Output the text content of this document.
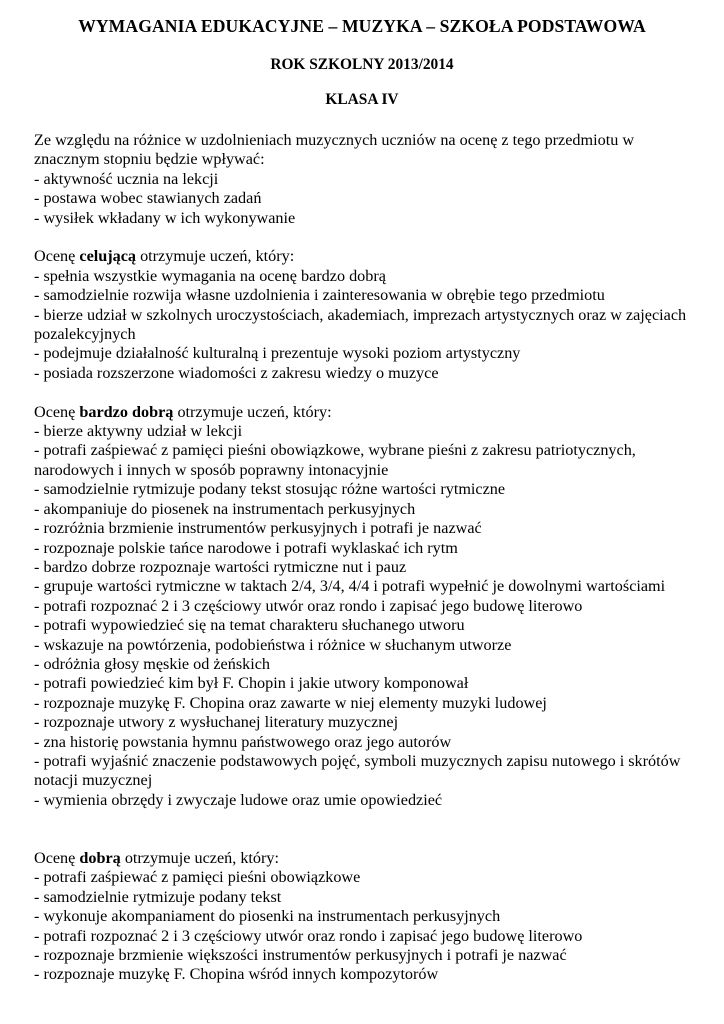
WYMAGANIA EDUKACYJNE – MUZYKA – SZKOŁA PODSTAWOWA

ROK SZKOLNY 2013/2014

KLASA IV

Ze względu na różnice w uzdolnieniach muzycznych uczniów na ocenę z tego przedmiotu w znacznym stopniu będzie wpływać:

- aktywność ucznia na lekcji
- postawa wobec stawianych zadań
- wysiłek wkładany w ich wykonywanie

Ocenę celującą otrzymuje uczeń, który:

- spełnia wszystkie wymagania na ocenę bardzo dobrą
- samodzielnie rozwija własne uzdolnienia i zainteresowania w obrębie tego przedmiotu
- bierze udział w szkolnych uroczystościach, akademiach, imprezach artystycznych oraz w zajęciach pozalekcyjnych
- podejmuje działalność kulturalną i prezentuje wysoki poziom artystyczny
- posiada rozszerzone wiadomości z zakresu wiedzy o muzyce

Ocenę bardzo dobrą otrzymuje uczeń, który:

- bierze aktywny udział w lekcji
- potrafi zaśpiewać z pamięci pieśni obowiązkowe, wybrane pieśni z zakresu patriotycznych, narodowych i innych w sposób poprawny intonacyjnie
- samodzielnie rytmizuje podany tekst stosując różne wartości rytmiczne
- akompaniuje do piosenek na instrumentach perkusyjnych
- rozróżnia brzmienie instrumentów perkusyjnych i potrafi je nazwać
- rozpoznaje polskie tańce narodowe i potrafi wyklaskać ich rytm
- bardzo dobrze rozpoznaje wartości rytmiczne nut i pauz
- grupuje wartości rytmiczne w taktach 2/4, 3/4, 4/4 i potrafi wypełnić je dowolnymi wartościami
- potrafi rozpoznać 2 i 3 częściowy utwór oraz rondo i zapisać jego budowę literowo
- potrafi wypowiedzieć się na temat charakteru słuchanego utworu
- wskazuje na powtórzenia, podobieństwa i różnice w słuchanym utworze
- odróżnia głosy męskie od żeńskich
- potrafi powiedzieć kim był F. Chopin i jakie utwory komponował
- rozpoznaje muzykę F. Chopina oraz zawarte w niej elementy muzyki ludowej
- rozpoznaje utwory z wysłuchanej literatury muzycznej
- zna historię powstania hymnu państwowego oraz jego autorów
- potrafi wyjaśnić znaczenie podstawowych pojęć, symboli muzycznych zapisu nutowego i skrótów notacji muzycznej
- wymienia obrzędy i zwyczaje ludowe oraz umie opowiedzieć

Ocenę dobrą otrzymuje uczeń, który:

- potrafi zaśpiewać z pamięci pieśni obowiązkowe
- samodzielnie rytmizuje podany tekst
- wykonuje akompaniament do piosenki na instrumentach perkusyjnych
- potrafi rozpoznać 2 i 3 częściowy utwór oraz rondo i zapisać jego budowę literowo
- rozpoznaje brzmienie większości instrumentów perkusyjnych i potrafi je nazwać
- rozpoznaje muzykę F. Chopina wśród innych kompozytorów
